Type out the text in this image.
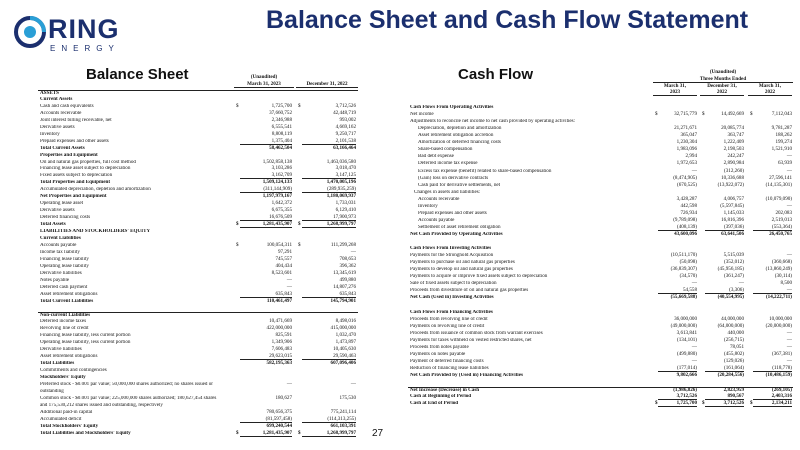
RING
ENERGY
Balance Sheet and Cash Flow Statement
Balance Sheet	Cash Flow
(Unaudited)
March 31, 2023	December 31, 2022
ASSETS
Current Assets
Cash and cash equivalents	$	1,725,700 $	3,712,526
Accounts receivable	37,660,752	42,448,719
Joint interest billing receivable, net	2,346,988	993,002
Derivative assets	6,555,541	4,669,162
Inventory	8,808,119	9,250,717
Prepaid expenses and other assets	1,375,404	2,101,538
Total Current Assets	58,462,504	63,166,464
Properties and Equipment
Oil and natural gas properties, full cost method	1,502,858,138	1,463,036,580
Financing lease asset subject to depreciation	3,103,286	3,018,470
Fixed assets subject to depreciation	3,162,709	3,147,125
Total Properties and Equipment	1,509,124,133	1,470,005,196
Accumulated depreciation, depletion and amortization	(311,144,909)	(289,935,259)
Net Properties and Equipment	1,197,979,167	1,180,069,937
Operating lease asset	1,642,372	1,733,031
Derivative assets	6,675,355	6,129,410
Deferred financing costs	16,676,509	17,900,973
Total Assets	$	1,281,435,907 $	1,268,999,797
LIABILITIES AND STOCKHOLDERS' EQUITY
Current Liabilities
Accounts payable	$	100,054,311 $	111,299,268
Income tax liability	97,291	—
Financing lease liability	745,557	708,653
Operating lease liability	404,434	396,362
Derivative liabilities	8,523,601	13,345,619
Notes payable	—	499,880
Deferred cash payment	—	14,807,276
Asset retirement obligations	635,843	635,843
Total Current Liabilities	110,461,497	145,794,901
Non-current Liabilities
Deferred income taxes	10,471,669	8,498,016
Revolving line of credit	422,000,000	415,000,000
Financing lease liability, less current portion	825,591	1,032,470
Operating lease liability, less current portion	1,349,906	1,473,897
Derivative liabilities	7,606,483	10,405,630
Asset retirement obligations	29,623,015	29,590,463
Total Liabilities	582,195,363	607,096,406
Commitments and contingencies
Stockholders' Equity
Preferred stock - $0.001 par value; 50,000,000 shares authorized; no shares issued or	—	—
outstanding
Common stock - $0.001 par value; 225,000,000 shares authorized; 180,627,454 shares	180,627	175,530
and 175,530,212 shares issued and outstanding, respectively
Additional paid-in capital	780,656,375	775,241,114
Accumulated deficit	(81,597,458)	(114,313,255)
Total Stockholders' Equity	699,240,544	661,103,391
Total Liabilities and Stockholders' Equity	$	1,281,435,907 $	1,268,999,797
(Unaudited)
Three Months Ended
March 31,	December 31,	March 31,
2023	2022	2022
Cash Flows From Operating Activities
Net income	$	32,715,779 $	14,492,669 $	7,112,043
Adjustments to reconcile net income to net cash provided by operating activities:
Depreciation, depletion and amortization	21,271,671	20,085,774	9,781,287
Asset retirement obligation accretion	365,047	363,747	188,262
Amortization of deferred financing costs	1,230,304	1,222,409	199,274
Share-based compensation	1,983,096	2,198,503	1,521,910
Bad debt expense	2,994	242,247	—
Deferred income tax expense	1,972,653	2,890,984	63,939
Excess tax expense (benefit) related to share-based compensation	—	(312,260)	—
(Gain) loss on derivative contracts	(8,474,905)	10,336,688	27,596,141
Cash paid for derivative settlements, net	(670,525)	(13,922,072)	(14,135,301)
Changes in assets and liabilities:
Accounts receivable	3,428,287	4,006,757	(10,079,090)
Inventory	442,598	(5,597,845)	—
Prepaid expenses and other assets	726,934	1,145,033	202,083
Accounts payable	(9,789,098)	16,816,396	2,519,013
Settlement of asset retirement obligation	(408,139)	(397,036)	(553,364)
Net Cash Provided by Operating Activities	43,600,096	63,641,506	26,450,765
Cash Flows From Investing Activities
Payments for the Stronghold Acquisition	(10,511,170)	5,515,039	—
Payments to purchase oil and natural gas properties	(50,098)	(352,012)	(360,668)
Payments to develop oil and natural gas properties	(36,839,307)	(45,956,185)	(13,860,249)
Payments to acquire or improve fixed assets subject to depreciation	(34,570)	(361,247)	(30,114)
Sale of fixed assets subject to depreciation	—	—	8,500
Proceeds from divestiture of oil and natural gas properties	54,558	(3,306)	—
Net Cash (Used in) Investing Activities	(55,669,588)	(40,554,995)	(14,222,711)
Cash Flows From Financing Activities
Proceeds from revolving line of credit	36,000,000	44,000,000	10,000,000
Payments on revolving line of credit	(49,000,000)	(64,000,000)	(20,000,000)
Proceeds from issuance of common stock from warrant exercises	3,613,841	440,000	—
Payments for taxes withheld on vested restricted shares, net	(134,101)	(256,715)	—
Proceeds from notes payable	—	78,051	—
Payments on notes payable	(499,880)	(455,802)	(367,381)
Payment of deferred financing costs	—	(129,026)	—
Reduction of financing lease liabilities	(177,014)	(161,064)	(118,778)
Net Cash Provided by (Used in) Financing Activities	9,802,666	(20,284,556)	(10,486,159)
Net Increase (Decrease) in Cash	(1,986,826)	2,823,959	(269,105)
Cash at Beginning of Period	3,712,526	890,567	2,403,316
Cash at End of Period	$	1,725,700 $	3,712,526 $	2,134,211
27
